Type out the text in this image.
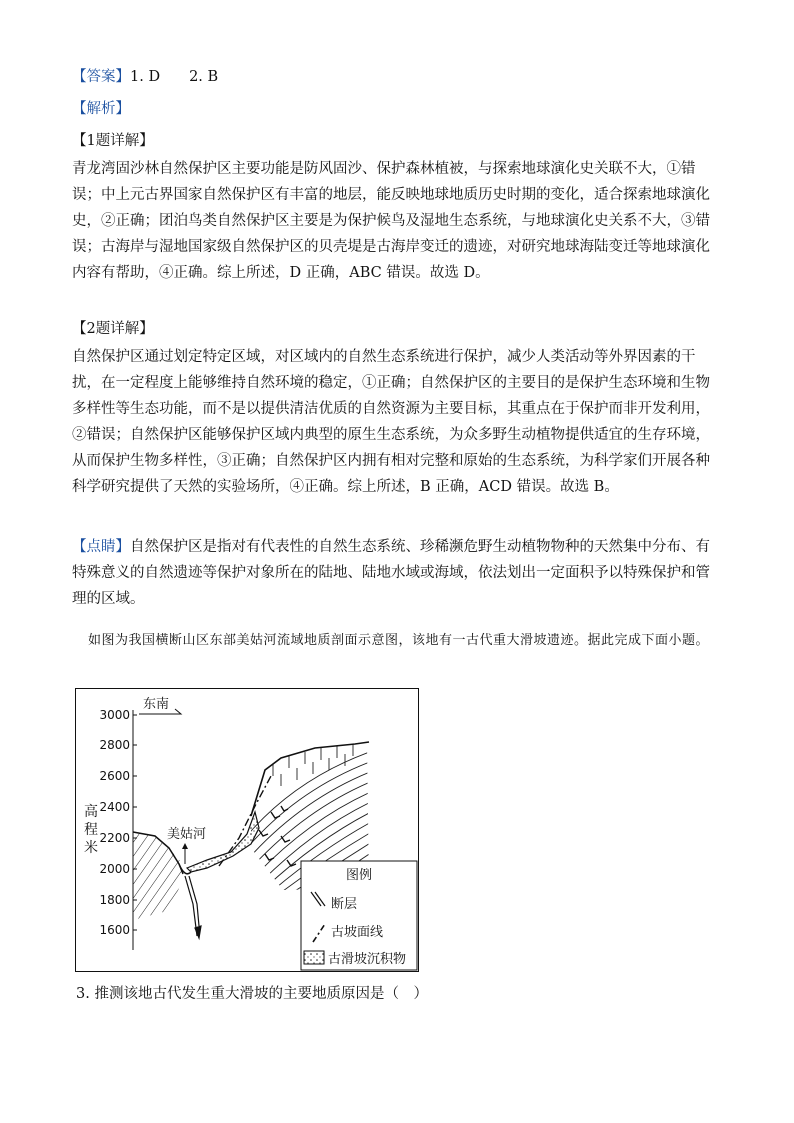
【答案】1. D　　2. B

【解析】

【1题详解】

青龙湾固沙林自然保护区主要功能是防风固沙、保护森林植被，与探索地球演化史关联不大，①错误；中上元古界国家自然保护区有丰富的地层，能反映地球地质历史时期的变化，适合探索地球演化史，②正确；团泊鸟类自然保护区主要是为保护候鸟及湿地生态系统，与地球演化史关系不大，③错误；古海岸与湿地国家级自然保护区的贝壳堤是古海岸变迁的遗迹，对研究地球海陆变迁等地球演化内容有帮助，④正确。综上所述，D 正确，ABC 错误。故选 D。

【2题详解】

自然保护区通过划定特定区域，对区域内的自然生态系统进行保护，减少人类活动等外界因素的干扰，在一定程度上能够维持自然环境的稳定，①正确；自然保护区的主要目的是保护生态环境和生物多样性等生态功能，而不是以提供清洁优质的自然资源为主要目标，其重点在于保护而非开发利用，②错误；自然保护区能够保护区域内典型的原生生态系统，为众多野生动植物提供适宜的生存环境，从而保护生物多样性，③正确；自然保护区内拥有相对完整和原始的生态系统，为科学家们开展各种科学研究提供了天然的实验场所，④正确。综上所述，B 正确，ACD 错误。故选 B。

【点睛】自然保护区是指对有代表性的自然生态系统、珍稀濒危野生动植物物种的天然集中分布、有特殊意义的自然遗迹等保护对象所在的陆地、陆地水域或海域，依法划出一定面积予以特殊保护和管理的区域。

如图为我国横断山区东部美姑河流域地质剖面示意图，该地有一古代重大滑坡遗迹。据此完成下面小题。
3000
2800
2600
2400
2200
2000
1800
1600
高
程
米
东南
美姑河
图例
断层
古坡面线
古滑坡沉积物
3. 推测该地古代发生重大滑坡的主要地质原因是（　）
